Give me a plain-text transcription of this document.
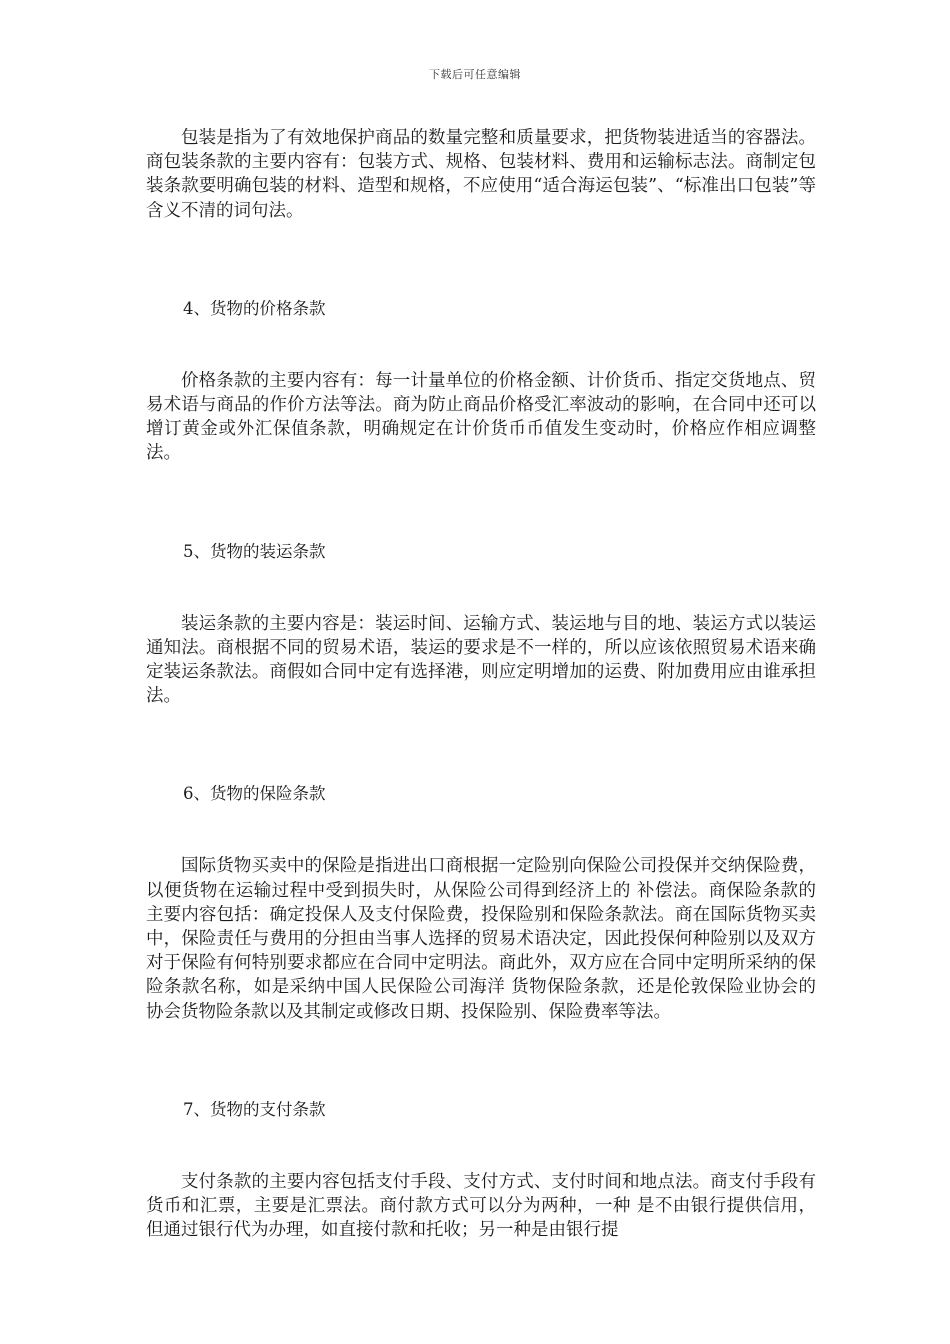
下载后可任意编辑

包装是指为了有效地保护商品的数量完整和质量要求，把货物装进适当的容器法。商包装条款的主要内容有：包装方式、规格、包装材料、费用和运输标志法。商制定包装条款要明确包装的材料、造型和规格，不应使用“适合海运包装”、“标准出口包装”等含义不清的词句法。

4、货物的价格条款

价格条款的主要内容有：每一计量单位的价格金额、计价货币、指定交货地点、贸易术语与商品的作价方法等法。商为防止商品价格受汇率波动的影响，在合同中还可以增订黄金或外汇保值条款，明确规定在计价货币币值发生变动时，价格应作相应调整法。

5、货物的装运条款

装运条款的主要内容是：装运时间、运输方式、装运地与目的地、装运方式以装运通知法。商根据不同的贸易术语，装运的要求是不一样的，所以应该依照贸易术语来确定装运条款法。商假如合同中定有选择港，则应定明增加的运费、附加费用应由谁承担法。

6、货物的保险条款

国际货物买卖中的保险是指进出口商根据一定险别向保险公司投保并交纳保险费，以便货物在运输过程中受到损失时，从保险公司得到经济上的 补偿法。商保险条款的主要内容包括：确定投保人及支付保险费，投保险别和保险条款法。商在国际货物买卖中，保险责任与费用的分担由当事人选择的贸易术语决定，因此投保何种险别以及双方对于保险有何特别要求都应在合同中定明法。商此外，双方应在合同中定明所采纳的保险条款名称，如是采纳中国人民保险公司海洋 货物保险条款，还是伦敦保险业协会的协会货物险条款以及其制定或修改日期、投保险别、保险费率等法。

7、货物的支付条款

支付条款的主要内容包括支付手段、支付方式、支付时间和地点法。商支付手段有货币和汇票，主要是汇票法。商付款方式可以分为两种，一种 是不由银行提供信用，但通过银行代为办理，如直接付款和托收；另一种是由银行提
